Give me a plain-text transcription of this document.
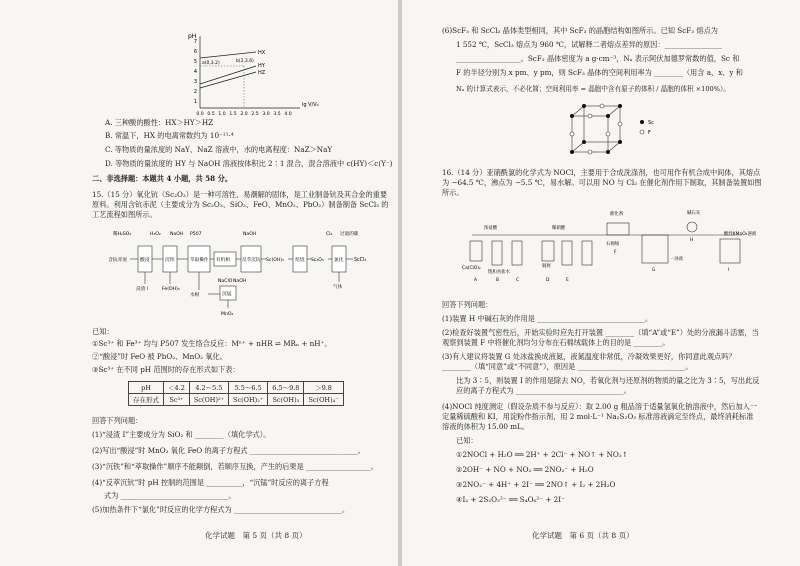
pH
7
6
5
4
3
2
1
0.0 0.5 1.0 1.5 2.0 2.5 3.0 3.5 4.0
lg V/V₀
HX
HY
HZ
a(0,3.2)	b(2,3.6)
A. 三种酸的酸性：HX＞HY＞HZ
B. 常温下，HX 的电离常数约为 10⁻¹¹·⁴
C. 等物质的量浓度的 NaY、NaZ 溶液中，水的电离程度：NaZ＞NaY
D. 等物质的量浓度的 HY 与 NaOH 溶液按体积比 2∶1 混合，混合溶液中 c(HY)＜c(Y⁻)
二、非选择题：本题共 4 小题，共 58 分。
15.（15 分）氧化钪（Sc₂O₃）是一种可溶性、易潮解的固体，是工业制备钪及其合金的重要原料。利用含钪赤泥（主要成分为 Sc₂O₃、SiO₂、FeO、MnO₂、PbO₂）制备制备 ScCl₃ 的工艺流程如图所示。
稀H₂SO₄	H₂O₂ NaOH P507	NaOH	Cl₂ 过量的碳
含钪赤泥	酸浸	沉铁	萃取操作 有机相	反萃沉钪 Sc(OH)₃ 焙烧 Sc₂O₃ 氯化 ScCl₃
浸渣 I	Fe(OH)₃
水相
NaClO NaOH
沉锰
MnO₂
气体
已知：
①Sc³⁺ 和 Fe³⁺ 均与 P507 发生络合反应：Mⁿ⁺ + nHR ⇌ MRₙ + nH⁺。
②“酸浸”时 FeO 被 PbO₂、MnO₂ 氧化。
③Sc³⁺ 在不同 pH 范围时的存在形式如下表：
pH	＜4.2	4.2～5.5	5.5～6.5	6.5～9.8	＞9.8
存在形式	Sc³⁺	Sc(OH)²⁺	Sc(OH)₂⁺	Sc(OH)₃	Sc(OH)₄⁻
回答下列问题：
(1)“浸渣 I”主要成分为 SiO₂ 和 ________（填化学式）。
(2)写出“酸浸”时 MnO₂ 氧化 FeO 的离子方程式 ______________________________。
(3)“沉铁”和“萃取操作”顺序不能颠倒，若顺序互换，产生的后果是 __________________。
(4)“反萃沉钪”时 pH 控制的范围是 __________，“沉锰”时反应的离子方程
式为 ______________________________。
(5)加热条件下“氯化”时反应的化学方程式为 ______________________________。
化学试题　第 5 页（共 8 页）
(6)ScF₃ 和 ScCl₃ 晶体类型相同，其中 ScF₃ 的晶胞结构如图所示。已知 ScF₃ 熔点为
1 552 ℃，ScCl₃ 熔点为 960 ℃，试解释二者熔点差异的原因：________________
__________________。ScF₃ 晶体密度为 a g·cm⁻³，Nₐ 表示阿伏加德罗常数的值，Sc 和
F 的半径分别为 x pm、y pm，则 ScF₃ 晶体的空间利用率为 ________（用含 a、x、y 和
Nₐ 的计算式表示，不必化简；空间利用率 = 晶胞中含有原子的体积 / 晶胞的体积 ×100%）。
Sc
F
16.（14 分）亚硝酰氯的化学式为 NOCl，主要用于合成洗涤剂，也可用作有机合成中间体，其熔点为 −64.5 ℃，沸点为 −5.5 ℃，易水解。可以用 NO 与 Cl₂ 在催化剂作用下制取，其制备装置如图所示。
催化剂	碱石灰
浓盐酸	稀硝酸
铜屑
饱和食盐水
石棉绒
一冰盐
酸性KMnO₄溶液
Ca(ClO)₂
A	B	C	D	E
F
G
H
I
回答下列问题：
(1)装置 H 中碱石灰的作用是 ______________________________。
(2)检查好装置气密性后，开始实验时应先打开装置 ________（填“A”或“E”）处的分液漏斗活塞，当观察到装置 F 中将催化剂均匀分布在石棉绒载体上的目的是 ________。
(3)有人建议将装置 G 处冰盐换成液氮，液氮温度非常低，冷凝效果更好，你同意此观点吗？________（填“同意”或“不同意”），原因是 ______________________________。
比为 3∶5，则装置 I 的作用是除去 NO，若氧化剂与还原剂的物质的量之比为 3∶5，写出此反应的离子方程式为 ______________________________。
(4)NOCl 纯度测定（假设杂质不参与反应）：取 2.00 g 粗品溶于适量氢氧化钠溶液中，然后加入一定量稀硫酸和 KI，用淀粉作指示剂，用 2 mol·L⁻¹ Na₂S₂O₃ 标准溶液滴定至终点，最终消耗标准溶液的体积为 15.00 mL。
已知：
①2NOCl + H₂O ══ 2H⁺ + 2Cl⁻ + NO↑ + NO₂↑
②2OH⁻ + NO + NO₂ ══ 2NO₂⁻ + H₂O
③2NO₂⁻ + 4H⁺ + 2I⁻ ══ 2NO↑ + I₂ + 2H₂O
④I₂ + 2S₂O₃²⁻ ══ S₄O₆²⁻ + 2I⁻
化学试题　第 6 页（共 8 页）
